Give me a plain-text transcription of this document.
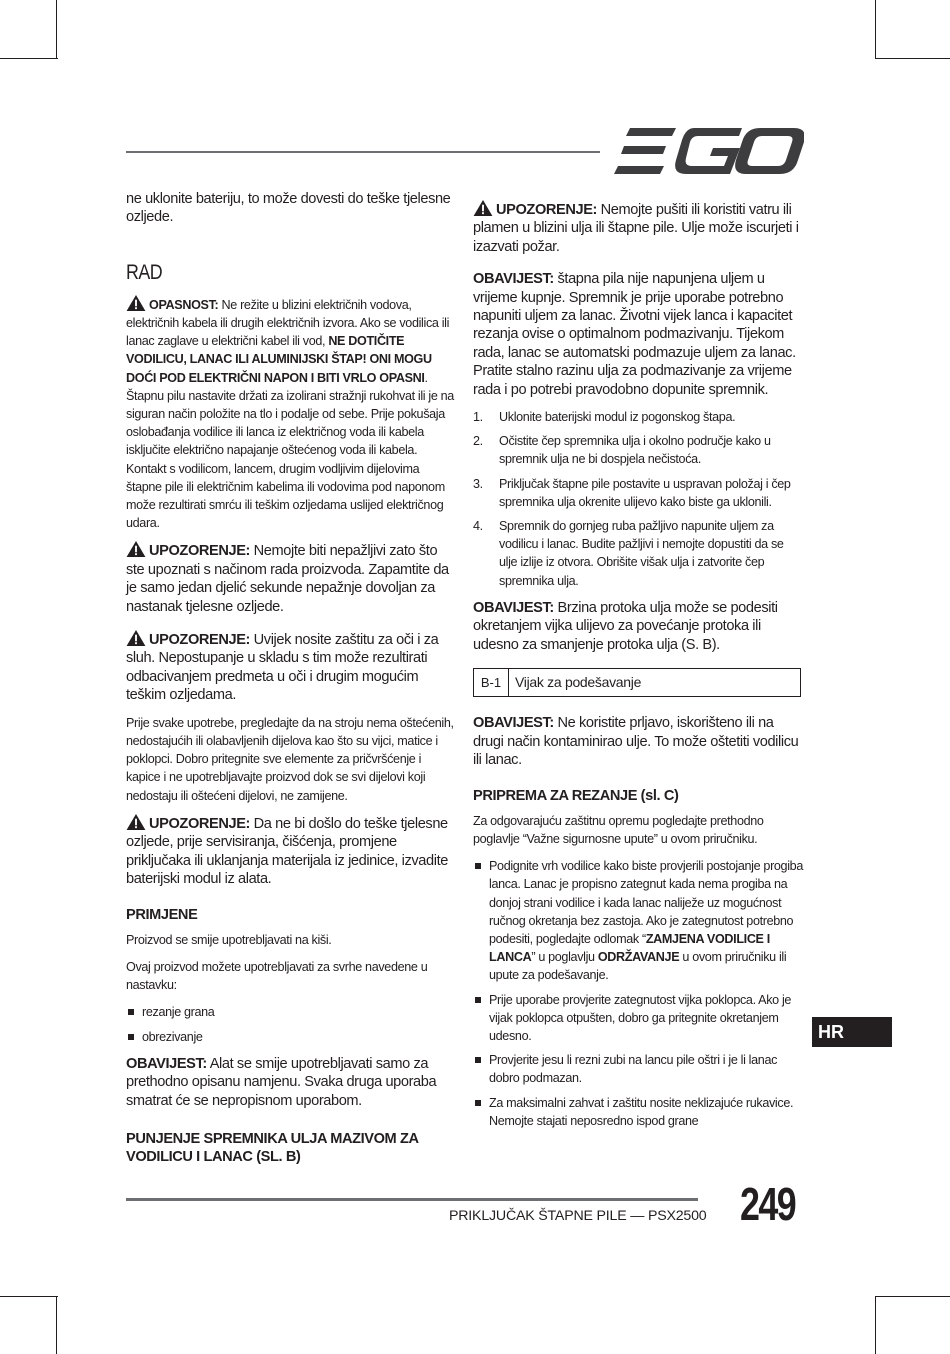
ne uklonite bateriju, to može dovesti do teške tjelesne ozljede.

RAD

OPASNOST: Ne režite u blizini električnih vodova, električnih kabela ili drugih električnih izvora. Ako se vodilica ili lanac zaglave u električni kabel ili vod, NE DOTIČITE VODILICU, LANAC ILI ALUMINIJSKI ŠTAP! ONI MOGU DOĆI POD ELEKTRIČNI NAPON I BITI VRLO OPASNI. Štapnu pilu nastavite držati za izolirani stražnji rukohvat ili je na siguran način položite na tlo i podalje od sebe. Prije pokušaja oslobađanja vodilice ili lanca iz električnog voda ili kabela isključite električno napajanje oštećenog voda ili kabela. Kontakt s vodilicom, lancem, drugim vodljivim dijelovima štapne pile ili električnim kabelima ili vodovima pod naponom može rezultirati smrću ili teškim ozljedama uslijed električnog udara.

UPOZORENJE: Nemojte biti nepažljivi zato što ste upoznati s načinom rada proizvoda. Zapamtite da je samo jedan djelić sekunde nepažnje dovoljan za nastanak tjelesne ozljede.

UPOZORENJE: Uvijek nosite zaštitu za oči i za sluh. Nepostupanje u skladu s tim može rezultirati odbacivanjem predmeta u oči i drugim mogućim teškim ozljedama.

Prije svake upotrebe, pregledajte da na stroju nema oštećenih, nedostajućih ili olabavljenih dijelova kao što su vijci, matice i poklopci. Dobro pritegnite sve elemente za pričvršćenje i kapice i ne upotrebljavajte proizvod dok se svi dijelovi koji nedostaju ili oštećeni dijelovi, ne zamijene.

UPOZORENJE: Da ne bi došlo do teške tjelesne ozljede, prije servisiranja, čišćenja, promjene priključaka ili uklanjanja materijala iz jedinice, izvadite baterijski modul iz alata.

PRIMJENE

Proizvod se smije upotrebljavati na kiši.

Ovaj proizvod možete upotrebljavati za svrhe navedene u nastavku:

rezanje grana
obrezivanje

OBAVIJEST: Alat se smije upotrebljavati samo za prethodno opisanu namjenu. Svaka druga uporaba smatrat će se nepropisnom uporabom.

PUNJENJE SPREMNIKA ULJA MAZIVOM ZA VODILICU I LANAC (SL. B)

UPOZORENJE: Nemojte pušiti ili koristiti vatru ili plamen u blizini ulja ili štapne pile. Ulje može iscurjeti i izazvati požar.

OBAVIJEST: štapna pila nije napunjena uljem u vrijeme kupnje. Spremnik je prije uporabe potrebno napuniti uljem za lanac. Životni vijek lanca i kapacitet rezanja ovise o optimalnom podmazivanju. Tijekom rada, lanac se automatski podmazuje uljem za lanac. Pratite stalno razinu ulja za podmazivanje za vrijeme rada i po potrebi pravodobno dopunite spremnik.

1. Uklonite baterijski modul iz pogonskog štapa.
2. Očistite čep spremnika ulja i okolno područje kako u spremnik ulja ne bi dospjela nečistoća.
3. Priključak štapne pile postavite u uspravan položaj i čep spremnika ulja okrenite ulijevo kako biste ga uklonili.
4. Spremnik do gornjeg ruba pažljivo napunite uljem za vodilicu i lanac. Budite pažljivi i nemojte dopustiti da se ulje izlije iz otvora. Obrišite višak ulja i zatvorite čep spremnika ulja.

OBAVIJEST: Brzina protoka ulja može se podesiti okretanjem vijka ulijevo za povećanje protoka ili udesno za smanjenje protoka ulja (S. B).

B-1 Vijak za podešavanje

OBAVIJEST: Ne koristite prljavo, iskorišteno ili na drugi način kontaminirao ulje. To može oštetiti vodilicu ili lanac.

PRIPREMA ZA REZANJE (sl. C)

Za odgovarajuću zaštitnu opremu pogledajte prethodno poglavlje “Važne sigurnosne upute” u ovom priručniku.

Podignite vrh vodilice kako biste provjerili postojanje progiba lanca. Lanac je propisno zategnut kada nema progiba na donjoj strani vodilice i kada lanac naliježe uz mogućnost ručnog okretanja bez zastoja. Ako je zategnutost potrebno podesiti, pogledajte odlomak “ZAMJENA VODILICE I LANCA” u poglavlju ODRŽAVANJE u ovom priručniku ili upute za podešavanje.
Prije uporabe provjerite zategnutost vijka poklopca. Ako je vijak poklopca otpušten, dobro ga pritegnite okretanjem udesno.
Provjerite jesu li rezni zubi na lancu pile oštri i je li lanac dobro podmazan.
Za maksimalni zahvat i zaštitu nosite neklizajuće rukavice. Nemojte stajati neposredno ispod grane
HR
PRIKLJUČAK ŠTAPNE PILE — PSX2500 249
